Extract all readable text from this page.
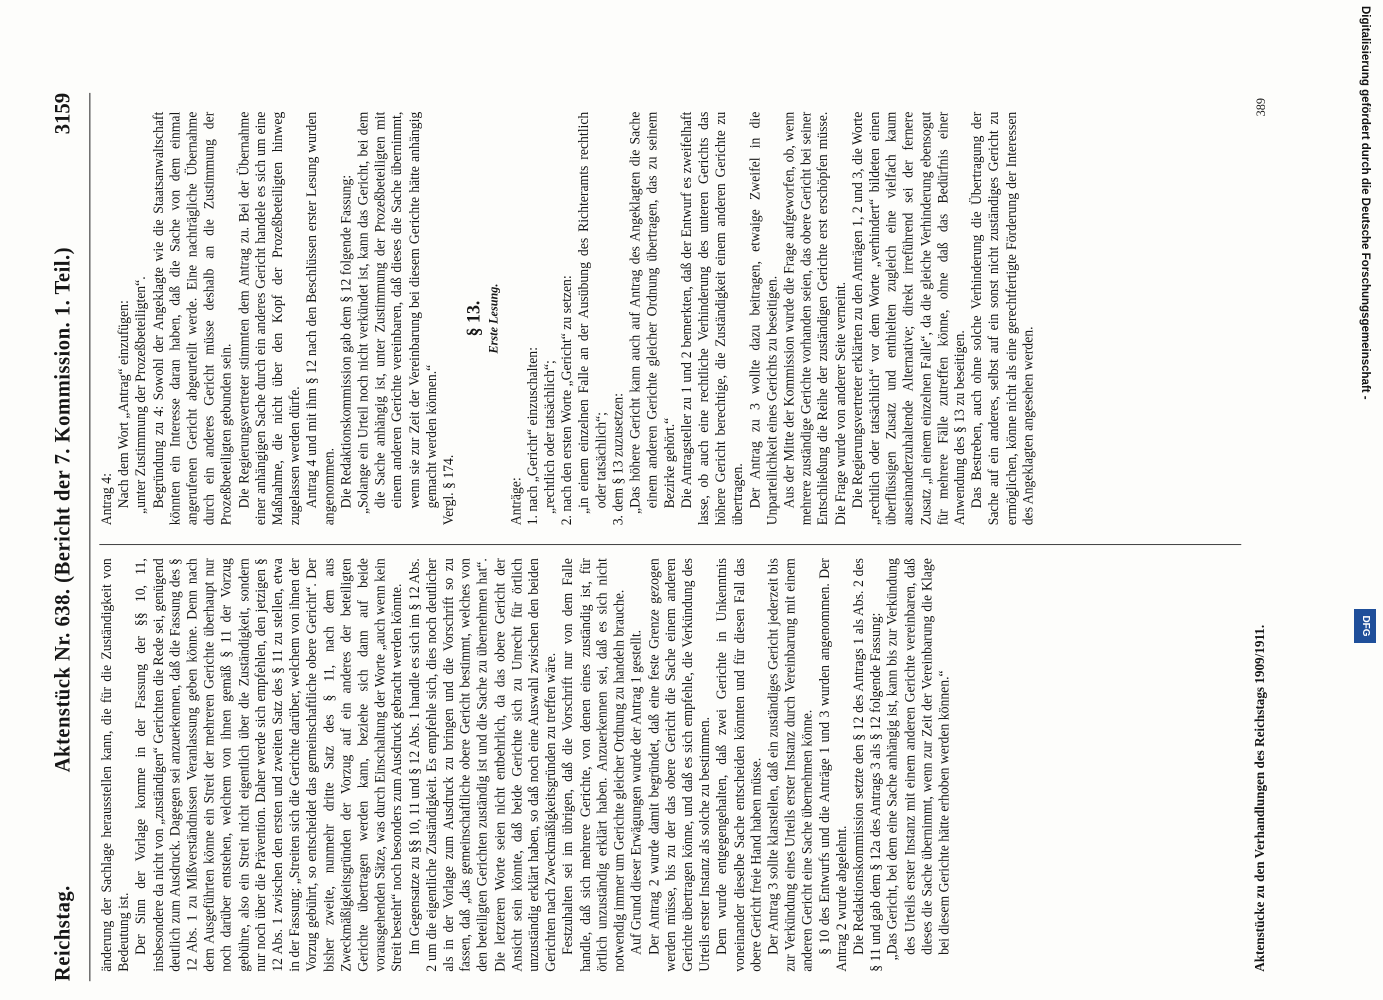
Reichstag.
Aktenstück Nr. 638. (Bericht der 7. Kommission. 1. Teil.)
3159

änderung der Sachlage herausstellen kann, die für die Zuständigkeit von Bedeutung ist. Der Sinn der Vorlage komme in der Fassung der §§ 10, 11, insbesondere da nicht von „zuständigen“ Gerichten die Rede sei, genügend deutlich zum Ausdruck. Dagegen sei anzuerkennen, daß die Fassung des § 12 Abs. 1 zu Mißverständnissen Veranlassung geben könne. Denn nach dem Ausgeführten könne ein Streit der mehreren Gerichte überhaupt nur noch darüber entstehen, welchem von ihnen gemäß § 11 der Vorzug gebühre, also ein Streit nicht eigentlich über die Zuständigkeit, sondern nur noch über die Prävention. Daher werde sich empfehlen, den jetzigen § 12 Abs. 1 zwischen den ersten und zweiten Satz des § 11 zu stellen, etwa in der Fassung: „Streiten sich die Gerichte darüber, welchem von ihnen der Vorzug gebührt, so entscheidet das gemeinschaftliche obere Gericht“. Der bisher zweite, nunmehr dritte Satz des § 11, nach dem aus Zweckmäßigkeitsgründen der Vorzug auf ein anderes der beteiligten Gerichte übertragen werden kann, beziehe sich dann auf beide vorausgehenden Sätze, was durch Einschaltung der Worte „auch wenn kein Streit besteht“ noch besonders zum Ausdruck gebracht werden könnte. Im Gegensatze zu §§ 10, 11 und § 12 Abs. 1 handle es sich im § 12 Abs. 2 um die eigentliche Zuständigkeit. Es empfehle sich, dies noch deutlicher als in der Vorlage zum Ausdruck zu bringen und die Vorschrift so zu fassen, daß „das gemeinschaftliche obere Gericht bestimmt, welches von den beteiligten Gerichten zuständig ist und die Sache zu übernehmen hat“. Die letzteren Worte seien nicht entbehrlich, da das obere Gericht der Ansicht sein könnte, daß beide Gerichte sich zu Unrecht für örtlich unzuständig erklärt haben, so daß noch eine Auswahl zwischen den beiden Gerichten nach Zweckmäßigkeitsgründen zu treffen wäre. Festzuhalten sei im übrigen, daß die Vorschrift nur von dem Falle handle, daß sich mehrere Gerichte, von denen eines zuständig ist, für örtlich unzuständig erklärt haben. Anzuerkennen sei, daß es sich nicht notwendig immer um Gerichte gleicher Ordnung zu handeln brauche. Auf Grund dieser Erwägungen wurde der Antrag 1 gestellt. Der Antrag 2 wurde damit begründet, daß eine feste Grenze gezogen werden müsse, bis zu der das obere Gericht die Sache einem anderen Gerichte übertragen könne, und daß es sich empfehle, die Verkündung des Urteils erster Instanz als solche zu bestimmen. Dem wurde entgegengehalten, daß zwei Gerichte in Unkenntnis voneinander dieselbe Sache entscheiden könnten und für diesen Fall das obere Gericht freie Hand haben müsse. Der Antrag 3 sollte klarstellen, daß ein zuständiges Gericht jederzeit bis zur Verkündung eines Urteils erster Instanz durch Vereinbarung mit einem anderen Gericht eine Sache übernehmen könne. § 10 des Entwurfs und die Anträge 1 und 3 wurden angenommen. Der Antrag 2 wurde abgelehnt. Die Redaktionskommission setzte den § 12 des Antrags 1 als Abs. 2 des § 11 und gab dem § 12a des Antrags 3 als § 12 folgende Fassung: „Das Gericht, bei dem eine Sache anhängig ist, kann bis zur Verkündung des Urteils erster Instanz mit einem anderen Gerichte vereinbaren, daß dieses die Sache übernimmt, wenn zur Zeit der Vereinbarung die Klage bei diesem Gerichte hätte erhoben werden können.“

Antrag 4: Nach dem Wort „Antrag“ einzufügen: „unter Zustimmung der Prozeßbeteiligten“. Begründung zu 4: Sowohl der Angeklagte wie die Staatsanwaltschaft könnten ein Interesse daran haben, daß die Sache von dem einmal angerufenen Gericht abgeurteilt werde. Eine nachträgliche Übernahme durch ein anderes Gericht müsse deshalb an die Zustimmung der Prozeßbeteiligten gebunden sein. Die Regierungsvertreter stimmten dem Antrag zu. Bei der Übernahme einer anhängigen Sache durch ein anderes Gericht handele es sich um eine Maßnahme, die nicht über den Kopf der Prozeßbeteiligten hinweg zugelassen werden dürfe. Antrag 4 und mit ihm § 12 nach den Beschlüssen erster Lesung wurden angenommen. Die Redaktionskommission gab dem § 12 folgende Fassung: „Solange ein Urteil noch nicht verkündet ist, kann das Gericht, bei dem die Sache anhängig ist, unter Zustimmung der Prozeßbeteiligten mit einem anderen Gerichte vereinbaren, daß dieses die Sache übernimmt, wenn sie zur Zeit der Vereinbarung bei diesem Gerichte hätte anhängig gemacht werden können.“ Vergl. § 174.

§ 13. Erste Lesung.

Anträge: 1. nach „Gericht“ einzuschalten: „rechtlich oder tatsächlich“; 2. nach den ersten Worte „Gericht“ zu setzen: „in einem einzelnen Falle an der Ausübung des Richteramts rechtlich oder tatsächlich“; 3. dem § 13 zuzusetzen: „Das höhere Gericht kann auch auf Antrag des Angeklagten die Sache einem anderen Gerichte gleicher Ordnung übertragen, das zu seinem Bezirke gehört.“ Die Antragsteller zu 1 und 2 bemerkten, daß der Entwurf es zweifelhaft lasse, ob auch eine rechtliche Verhinderung des unteren Gerichts das höhere Gericht berechtige, die Zuständigkeit einem anderen Gerichte zu übertragen. Der Antrag zu 3 wollte dazu beitragen, etwaige Zweifel in die Unparteilichkeit eines Gerichts zu beseitigen. Aus der Mitte der Kommission wurde die Frage aufgeworfen, ob, wenn mehrere zuständige Gerichte vorhanden seien, das obere Gericht bei seiner Entschließung die Reihe der zuständigen Gerichte erst erschöpfen müsse. Die Frage wurde von anderer Seite verneint. Die Regierungsvertreter erklärten zu den Anträgen 1, 2 und 3, die Worte „rechtlich oder tatsächlich“ vor dem Worte „verhindert“ bildeten einen überflüssigen Zusatz und enthielten zugleich eine vielfach kaum auseinanderzuhaltende Alternative; direkt irreführend sei der fernere Zusatz „in einem einzelnen Falle“, da die gleiche Verhinderung ebensogut für mehrere Fälle zutreffen könne, ohne daß das Bedürfnis einer Anwendung des § 13 zu beseitigen. Das Bestreben, auch ohne solche Verhinderung die Übertragung der Sache auf ein anderes, selbst auf ein sonst nicht zuständiges Gericht zu ermöglichen, könne nicht als eine gerechtfertigte Förderung der Interessen des Angeklagten angesehen werden.

Aktenstücke zu den Verhandlungen des Reichstags 1909/1911.
389	Digitalisierung gefördert durch die Deutsche Forschungsgemeinschaft -
DFG
